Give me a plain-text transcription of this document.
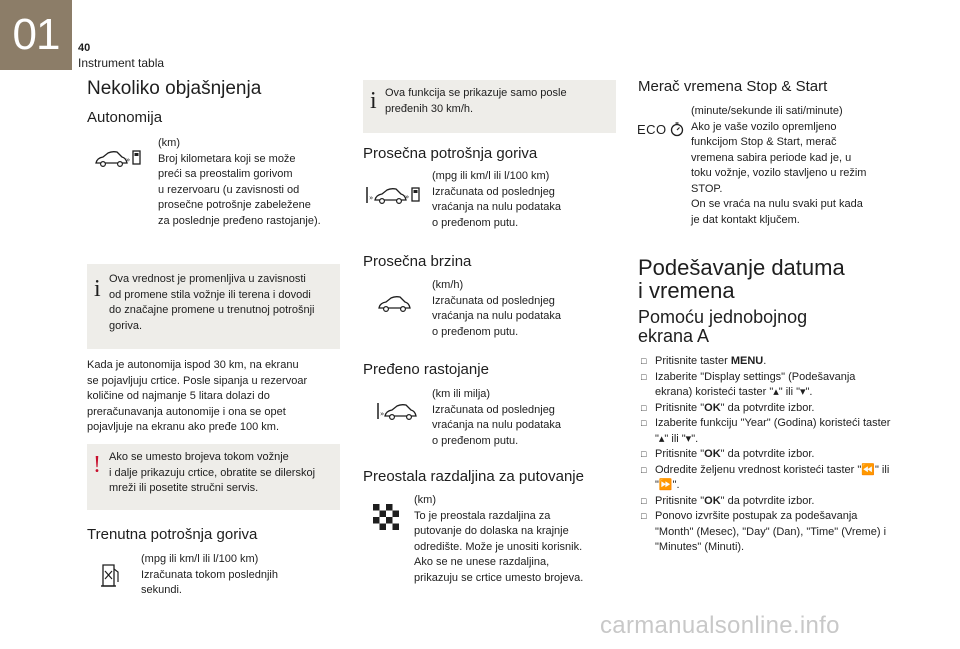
01	40
Instrument tabla
Nekoliko objašnjenja
Autonomija
»
(km)
Broj kilometara koji se može
preći sa preostalim gorivom
u rezervoaru (u zavisnosti od
prosečne potrošnje zabeležene
za poslednje pređeno rastojanje).
i Ova vrednost je promenljiva u zavisnosti
od promene stila vožnje ili terena i dovodi
do značajne promene u trenutnoj potrošnji
goriva.
Kada je autonomija ispod 30 km, na ekranu
se pojavljuju crtice. Posle sipanja u rezervoar
količine od najmanje 5 litara dolazi do
preračunavanja autonomije i ona se opet
pojavljuje na ekranu ako pređe 100 km.
! Ako se umesto brojeva tokom vožnje
i dalje prikazuju crtice, obratite se dilerskoj
mreži ili posetite stručni servis.
Trenutna potrošnja goriva
(mpg ili km/l ili l/100 km)
Izračunata tokom poslednjih
sekundi.
i Ova funkcija se prikazuje samo posle
pređenih 30 km/h.
Prosečna potrošnja goriva
»	»
(mpg ili km/l ili l/100 km)
Izračunata od poslednjeg
vraćanja na nulu podataka
o pređenom putu.
Prosečna brzina
(km/h)
Izračunata od poslednjeg
vraćanja na nulu podataka
o pređenom putu.
Pređeno rastojanje
»
(km ili milja)
Izračunata od poslednjeg
vraćanja na nulu podataka
o pređenom putu.
Preostala razdaljina za putovanje
(km)
To je preostala razdaljina za
putovanje do dolaska na krajnje
odredište. Može je unositi korisnik.
Ako se ne unese razdaljina,
prikazuju se crtice umesto brojeva.
Merač vremena Stop & Start
ECO
(minute/sekunde ili sati/minute)
Ako je vaše vozilo opremljeno
funkcijom Stop & Start, merač
vremena sabira periode kad je, u
toku vožnje, vozilo stavljeno u režim
STOP.
On se vraća na nulu svaki put kada
je dat kontakt ključem.
Podešavanje datuma
i vremena
Pomoću jednobojnog
ekrana A
□ Pritisnite taster MENU.
□ Izaberite "Display settings" (Podešavanja ekrana) koristeći taster "▴" ili "▾".
□ Pritisnite "OK" da potvrdite izbor.
□ Izaberite funkciju "Year" (Godina) koristeći taster "▴" ili "▾".
□ Pritisnite "OK" da potvrdite izbor.
□ Odredite željenu vrednost koristeći taster "⏪" ili "⏩".
□ Pritisnite "OK" da potvrdite izbor.
□ Ponovo izvršite postupak za podešavanja "Month" (Mesec), "Day" (Dan), "Time" (Vreme) i "Minutes" (Minuti).
carmanualsonline.info
